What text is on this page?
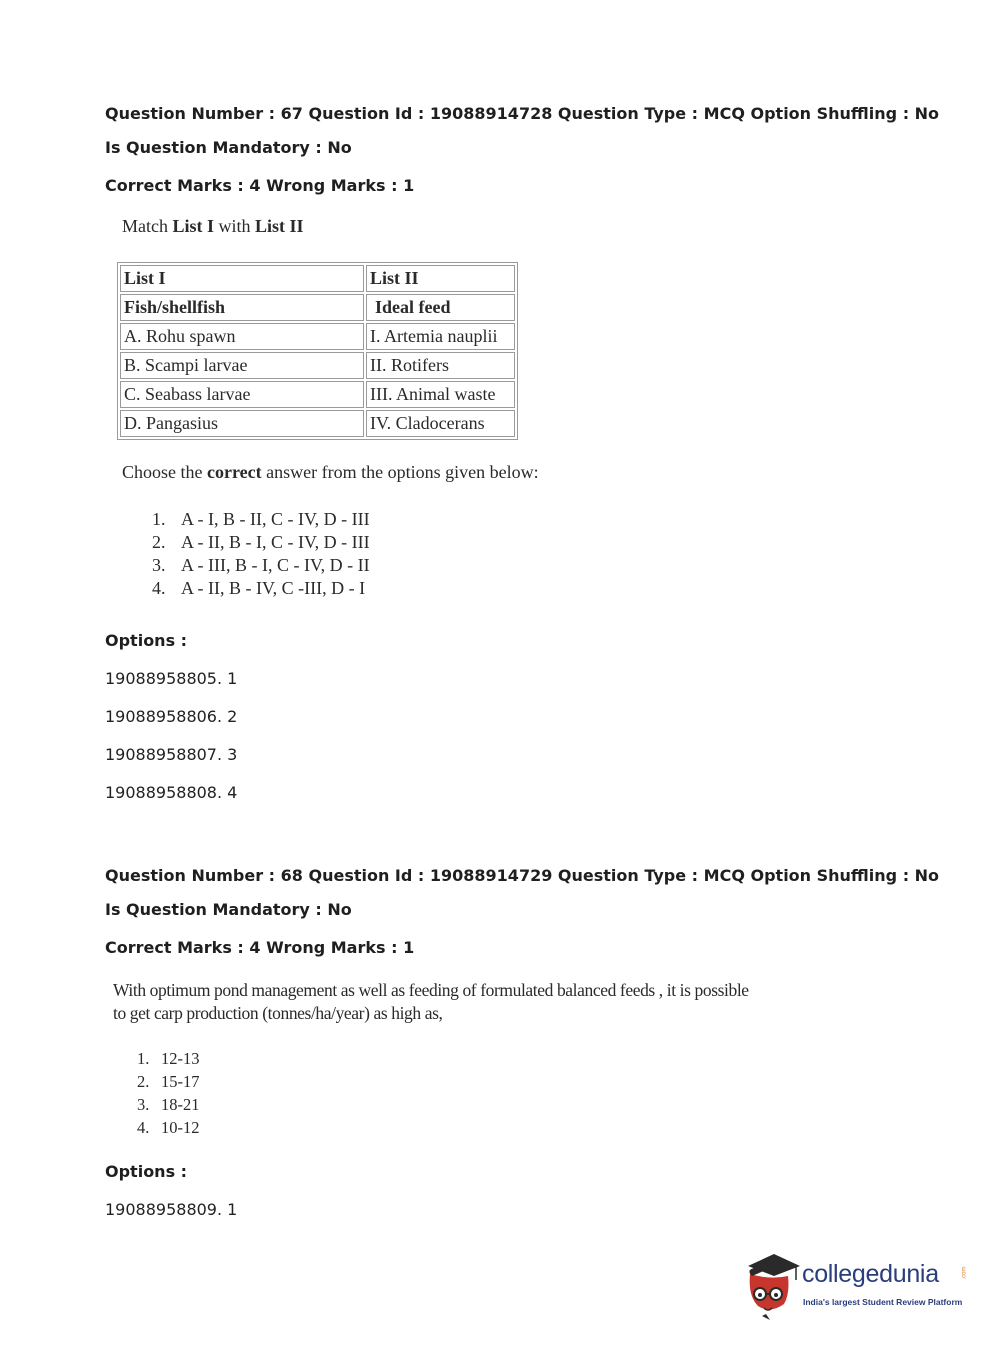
Question Number : 67 Question Id : 19088914728 Question Type : MCQ Option Shuffling : No
Is Question Mandatory : No
Correct Marks : 4 Wrong Marks : 1
Match List I with List II
List I	List II
Fish/shellfish	Ideal feed
A. Rohu spawn	I. Artemia nauplii
B. Scampi larvae	II. Rotifers
C. Seabass larvae	III. Animal waste
D. Pangasius	IV. Cladocerans
Choose the correct answer from the options given below:
1. A - I, B - II, C - IV, D - III
2. A - II, B - I, C - IV, D - III
3. A - III, B - I, C - IV, D - II
4. A - II, B - IV, C -III, D - I
Options :
19088958805. 1
19088958806. 2
19088958807. 3
19088958808. 4
Question Number : 68 Question Id : 19088914729 Question Type : MCQ Option Shuffling : No
Is Question Mandatory : No
Correct Marks : 4 Wrong Marks : 1
With optimum pond management as well as feeding of formulated balanced feeds , it is possible
to get carp production (tonnes/ha/year) as high as,
1. 12-13
2. 15-17
3. 18-21
4. 10-12
Options :
19088958809. 1
collegedunia	.com
India's largest Student Review Platform
